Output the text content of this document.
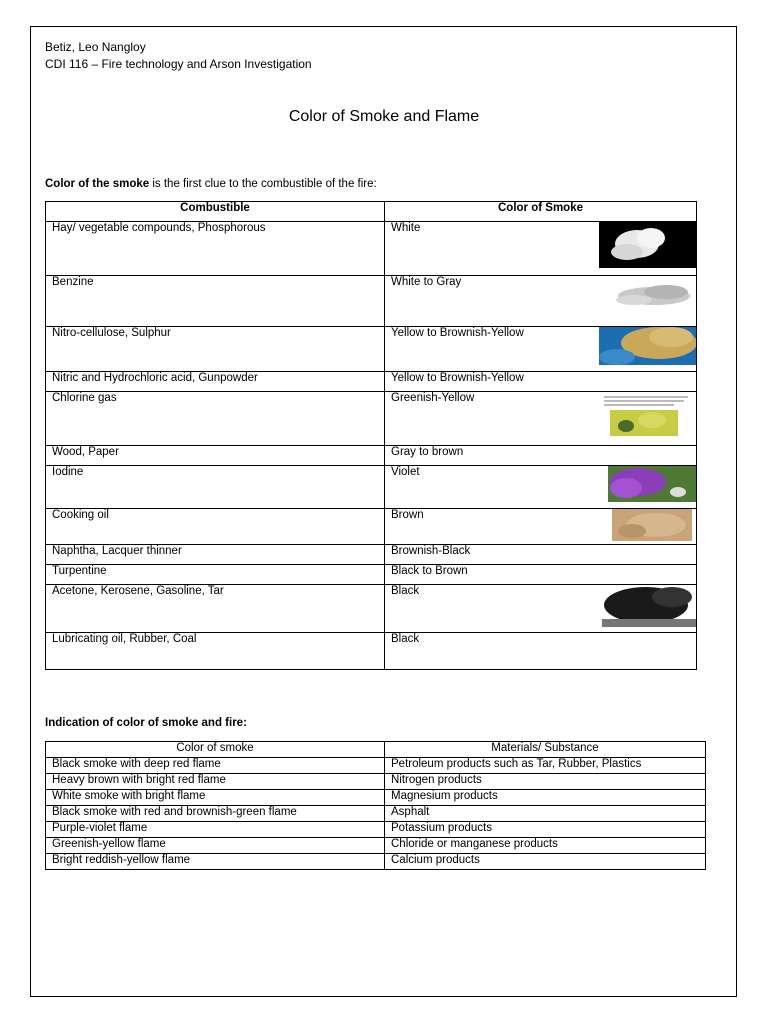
Betiz, Leo Nangloy
CDI 116 – Fire technology and Arson Investigation
Color of Smoke and Flame
Color of the smoke is the first clue to the combustible of the fire:
Combustible	Color of Smoke
Hay/ vegetable compounds, Phosphorous	White

Benzine	White to Gray

Nitro-cellulose, Sulphur	Yellow to Brownish-Yellow

Nitric and Hydrochloric acid, Gunpowder	Yellow to Brownish-Yellow
Chlorine gas	Greenish-Yellow

Wood, Paper	Gray to brown
Iodine	Violet

Cooking oil	Brown

Naphtha, Lacquer thinner	Brownish-Black
Turpentine	Black to Brown
Acetone, Kerosene, Gasoline, Tar	Black

Lubricating oil, Rubber, Coal	Black
Indication of color of smoke and fire:
Color of smoke	Materials/ Substance
Black smoke with deep red flame	Petroleum products such as Tar, Rubber, Plastics
Heavy brown with bright red flame	Nitrogen products
White smoke with bright flame	Magnesium products
Black smoke with red and brownish-green flame	Asphalt
Purple-violet flame	Potassium products
Greenish-yellow flame	Chloride or manganese products
Bright reddish-yellow flame	Calcium products
